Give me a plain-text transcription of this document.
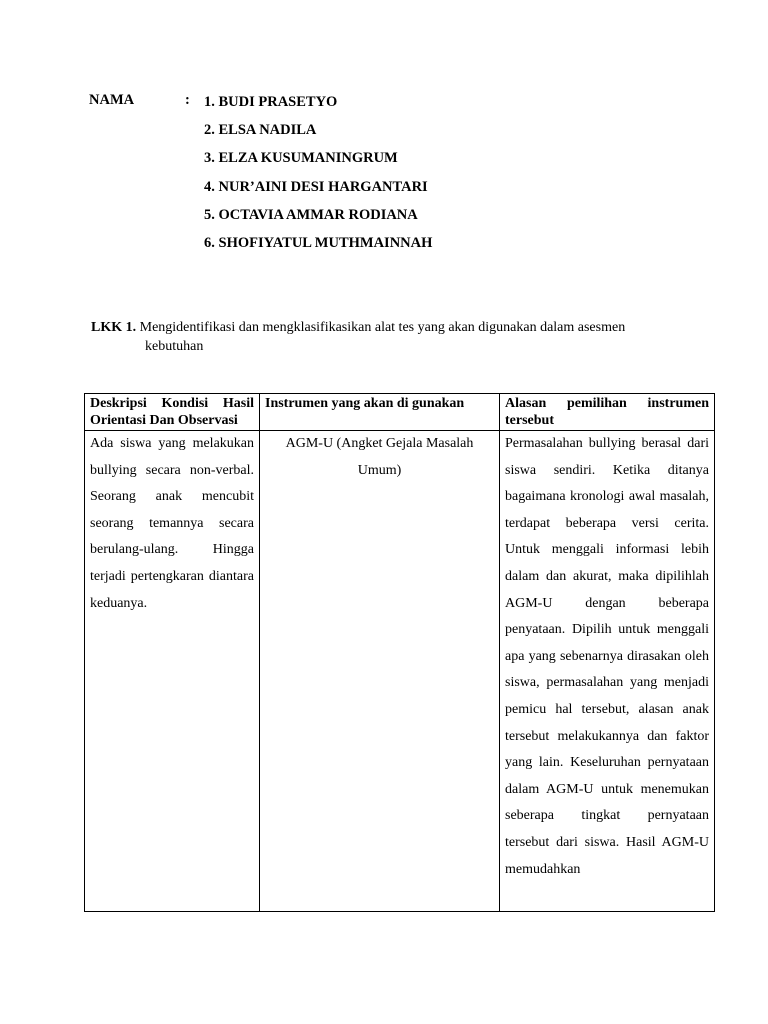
NAMA	: 1. BUDI PRASETYO
2. ELSA NADILA
3. ELZA KUSUMANINGRUM
4. NUR’AINI DESI HARGANTARI
5. OCTAVIA AMMAR RODIANA
6. SHOFIYATUL MUTHMAINNAH
LKK 1. Mengidentifikasi dan mengklasifikasikan alat tes yang akan digunakan dalam asesmen
kebutuhan
Deskripsi Kondisi Hasil Orientasi Dan Observasi	Instrumen yang akan di gunakan	Alasan pemilihan instrumen tersebut
Ada siswa yang melakukan bullying secara non-verbal. Seorang anak mencubit seorang temannya secara berulang-ulang. Hingga terjadi pertengkaran diantara keduanya.	AGM-U (Angket Gejala Masalah Umum)	Permasalahan bullying berasal dari siswa sendiri. Ketika ditanya bagaimana kronologi awal masalah, terdapat beberapa versi cerita. Untuk menggali informasi lebih dalam dan akurat, maka dipilihlah AGM-U dengan beberapa penyataan. Dipilih untuk menggali apa yang sebenarnya dirasakan oleh siswa, permasalahan yang menjadi pemicu hal tersebut, alasan anak tersebut melakukannya dan faktor yang lain. Keseluruhan pernyataan dalam AGM-U untuk menemukan seberapa tingkat pernyataan tersebut dari siswa. Hasil AGM-U memudahkan
